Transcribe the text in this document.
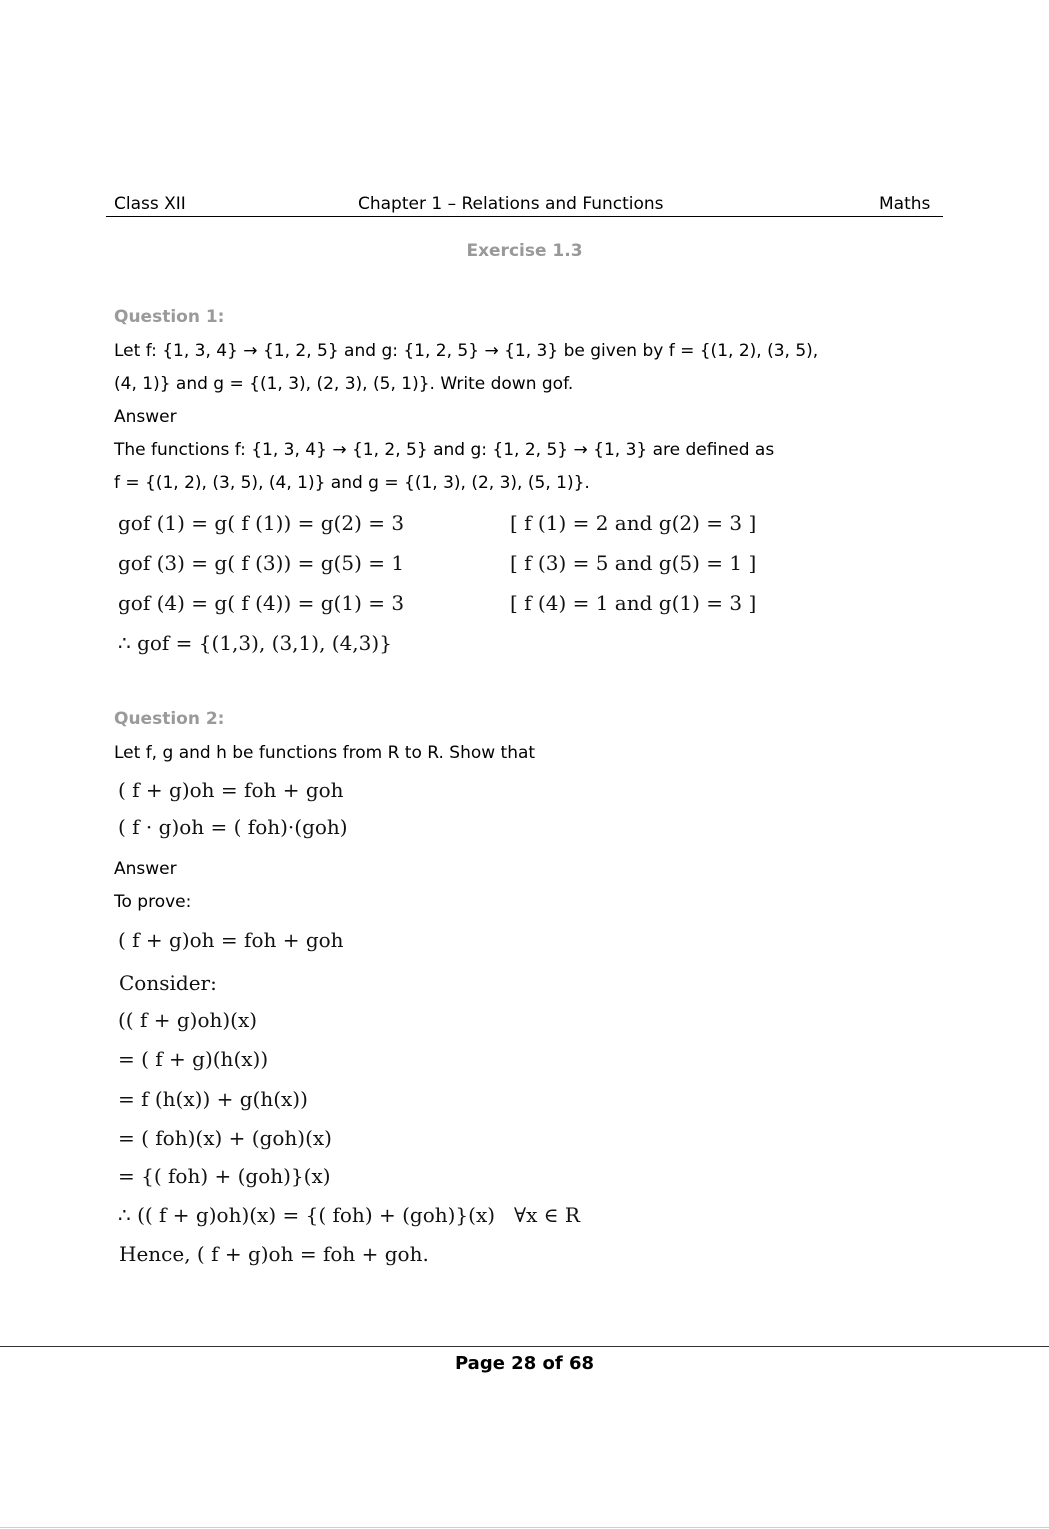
Class XII	Chapter 1 – Relations and Functions	Maths
Exercise 1.3
Question 1:
Let f: {1, 3, 4} → {1, 2, 5} and g: {1, 2, 5} → {1, 3} be given by f = {(1, 2), (3, 5),
(4, 1)} and g = {(1, 3), (2, 3), (5, 1)}. Write down gof.
Answer
The functions f: {1, 3, 4} → {1, 2, 5} and g: {1, 2, 5} → {1, 3} are defined as
f = {(1, 2), (3, 5), (4, 1)} and g = {(1, 3), (2, 3), (5, 1)}.
gof (1) = g( f (1)) = g(2) = 3	[ f (1) = 2 and g(2) = 3 ]
gof (3) = g( f (3)) = g(5) = 1	[ f (3) = 5 and g(5) = 1 ]
gof (4) = g( f (4)) = g(1) = 3	[ f (4) = 1 and g(1) = 3 ]
∴ gof = {(1,3), (3,1), (4,3)}
Question 2:
Let f, g and h be functions from R to R. Show that
( f + g)oh = foh + goh
( f · g)oh = ( foh)·(goh)
Answer
To prove:
( f + g)oh = foh + goh
Consider:
(( f + g)oh)(x)
= ( f + g)(h(x))
= f (h(x)) + g(h(x))
= ( foh)(x) + (goh)(x)
= {( foh) + (goh)}(x)
∴ (( f + g)oh)(x) = {( foh) + (goh)}(x) ∀x ∈ R
Hence, ( f + g)oh = foh + goh.
Page 28 of 68
